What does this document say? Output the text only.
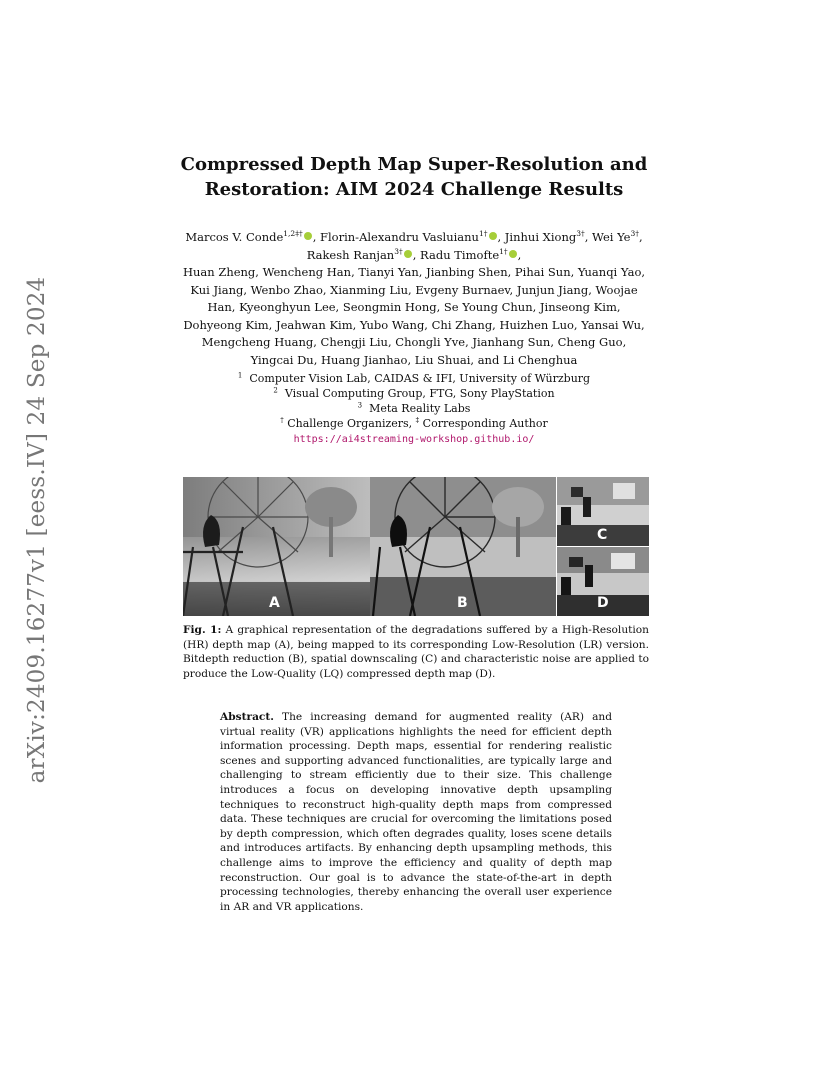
arXiv:2409.16277v1 [eess.IV] 24 Sep 2024
Compressed Depth Map Super-Resolution and
Restoration: AIM 2024 Challenge Results
Marcos V. Conde$^{1,2\ddagger\dagger}$ , Florin-Alexandru Vasluianu$^{1\dagger}$ , Jinhui Xiong$^{3\dagger}$, Wei $Ye^{3\dagger}$, Rakesh Ranjan$^{3\dagger}$ , Radu Timofte$^{1\dagger}$ ,
Huan Zheng, Wencheng Han, Tianyi Yan, Jianbing Shen, Pihai Sun, Yuanqi Yao, Kui Jiang, Wenbo Zhao, Xianming Liu, Evgeny Burnaev, Junjun Jiang, Woojae Han, Kyeonghyun Lee, Seongmin Hong, Se Young Chun, Jinseong Kim, Dohyeong Kim, Jeahwan Kim, Yubo Wang, Chi Zhang, Huizhen Luo, Yansai Wu, Mengcheng Huang, Chengji Liu, Chongli Yve, Jianhang Sun, Cheng Guo, Yingcai Du, Huang Jianhao, Liu Shuai, and Li Chenghua
$^1$ Computer Vision Lab, CAIDAS & IFI, University of Würzburg
$^2$ Visual Computing Group, FTG, Sony PlayStation
$^3$ Meta Reality Labs
† Challenge Organizers, ‡ Corresponding Author
https://ai4streaming-workshop.github.io/
A	B
C
D
Fig. 1: A graphical representation of the degradations suffered by a High-Resolution (HR) depth map (A), being mapped to its corresponding Low-Resolution (LR) version. Bitdepth reduction (B), spatial downscaling (C) and characteristic noise are applied to produce the Low-Quality (LQ) compressed depth map (D).
Abstract. The increasing demand for augmented reality (AR) and virtual reality (VR) applications highlights the need for efficient depth information processing. Depth maps, essential for rendering realistic scenes and supporting advanced functionalities, are typically large and challenging to stream efficiently due to their size. This challenge introduces a focus on developing innovative depth upsampling techniques to reconstruct high-quality depth maps from compressed data. These techniques are crucial for overcoming the limitations posed by depth compression, which often degrades quality, loses scene details and introduces artifacts. By enhancing depth upsampling methods, this challenge aims to improve the efficiency and quality of depth map reconstruction. Our goal is to advance the state-of-the-art in depth processing technologies, thereby enhancing the overall user experience in AR and VR applications.
